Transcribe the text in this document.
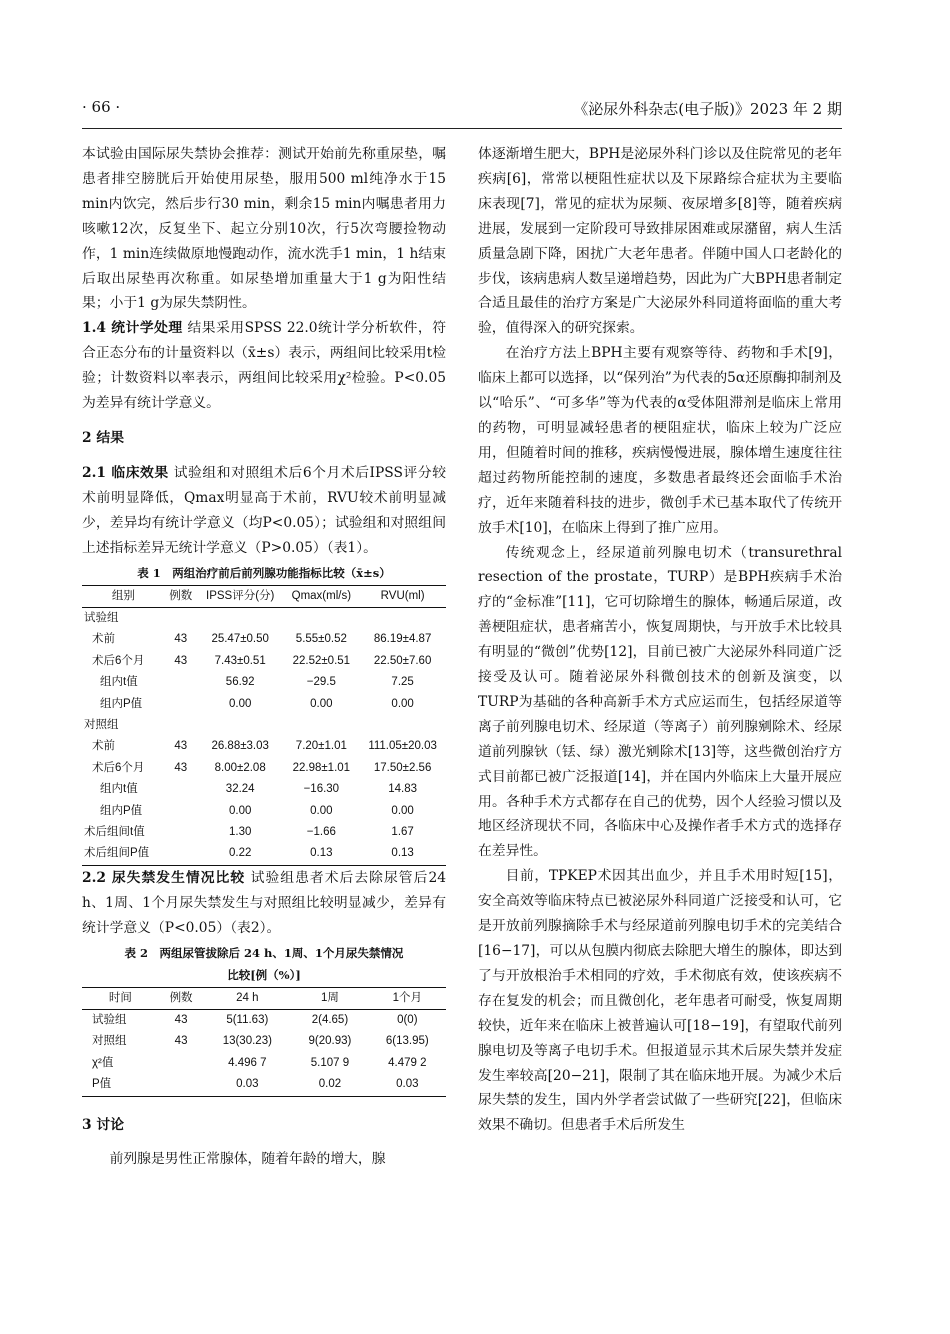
· 66 ·	《泌尿外科杂志(电子版)》2023 年 2 期

本试验由国际尿失禁协会推荐：测试开始前先称重尿垫，嘱患者排空膀胱后开始使用尿垫，服用500 ml纯净水于15 min内饮完，然后步行30 min，剩余15 min内嘱患者用力咳嗽12次，反复坐下、起立分别10次，行5次弯腰捡物动作，1 min连续做原地慢跑动作，流水洗手1 min，1 h结束后取出尿垫再次称重。如尿垫增加重量大于1 g为阳性结果；小于1 g为尿失禁阴性。

1.4 统计学处理 结果采用SPSS 22.0统计学分析软件，符合正态分布的计量资料以（x̄±s）表示，两组间比较采用t检验；计数资料以率表示，两组间比较采用χ²检验。P<0.05为差异有统计学意义。

2 结果

2.1 临床效果 试验组和对照组术后6个月术后IPSS评分较术前明显降低，Qmax明显高于术前，RVU较术前明显减少，差异均有统计学意义（均P<0.05）；试验组和对照组间上述指标差异无统计学意义（P>0.05）（表1）。

表 1　两组治疗前后前列腺功能指标比较（x̄±s）
组别	例数	IPSS评分(分)	Qmax(ml/s)	RVU(ml)
试验组				
术前	43	25.47±0.50	5.55±0.52	86.19±4.87
术后6个月	43	7.43±0.51	22.52±0.51	22.50±7.60
组内t值		56.92	−29.5	7.25
组内P值		0.00	0.00	0.00
对照组				
术前	43	26.88±3.03	7.20±1.01	111.05±20.03
术后6个月	43	8.00±2.08	22.98±1.01	17.50±2.56
组内t值		32.24	−16.30	14.83
组内P值		0.00	0.00	0.00
术后组间t值		1.30	−1.66	1.67
术后组间P值		0.22	0.13	0.13

2.2 尿失禁发生情况比较 试验组患者术后去除尿管后24 h、1周、1个月尿失禁发生与对照组比较明显减少，差异有统计学意义（P<0.05）（表2）。

表 2　两组尿管拔除后 24 h、1周、1个月尿失禁情况
比较[例（%）]
时间	例数	24 h	1周	1个月
试验组	43	5(11.63)	2(4.65)	0(0)
对照组	43	13(30.23)	9(20.93)	6(13.95)
χ²值		4.496 7	5.107 9	4.479 2
P值		0.03	0.02	0.03
3 讨论

前列腺是男性正常腺体，随着年龄的增大，腺

体逐渐增生肥大，BPH是泌尿外科门诊以及住院常见的老年疾病[6]，常常以梗阻性症状以及下尿路综合症状为主要临床表现[7]，常见的症状为尿频、夜尿增多[8]等，随着疾病进展，发展到一定阶段可导致排尿困难或尿潴留，病人生活质量急剧下降，困扰广大老年患者。伴随中国人口老龄化的步伐，该病患病人数呈递增趋势，因此为广大BPH患者制定合适且最佳的治疗方案是广大泌尿外科同道将面临的重大考验，值得深入的研究探索。

在治疗方法上BPH主要有观察等待、药物和手术[9]，临床上都可以选择，以“保列治”为代表的5α还原酶抑制剂及以“哈乐”、“可多华”等为代表的α受体阻滞剂是临床上常用的药物，可明显减轻患者的梗阻症状，临床上较为广泛应用，但随着时间的推移，疾病慢慢进展，腺体增生速度往往超过药物所能控制的速度，多数患者最终还会面临手术治疗，近年来随着科技的进步，微创手术已基本取代了传统开放手术[10]，在临床上得到了推广应用。

传统观念上，经尿道前列腺电切术（transurethral resection of the prostate，TURP）是BPH疾病手术治疗的“金标准”[11]，它可切除增生的腺体，畅通后尿道，改善梗阻症状，患者痛苦小，恢复周期快，与开放手术比较具有明显的“微创”优势[12]，目前已被广大泌尿外科同道广泛接受及认可。随着泌尿外科微创技术的创新及演变，以TURP为基础的各种高新手术方式应运而生，包括经尿道等离子前列腺电切术、经尿道（等离子）前列腺剜除术、经尿道前列腺钬（铥、绿）激光剜除术[13]等，这些微创治疗方式目前都已被广泛报道[14]，并在国内外临床上大量开展应用。各种手术方式都存在自己的优势，因个人经验习惯以及地区经济现状不同，各临床中心及操作者手术方式的选择存在差异性。

目前，TPKEP术因其出血少，并且手术用时短[15]，安全高效等临床特点已被泌尿外科同道广泛接受和认可，它是开放前列腺摘除手术与经尿道前列腺电切手术的完美结合[16−17]，可以从包膜内彻底去除肥大增生的腺体，即达到了与开放根治手术相同的疗效，手术彻底有效，使该疾病不存在复发的机会；而且微创化，老年患者可耐受，恢复周期较快，近年来在临床上被普遍认可[18−19]，有望取代前列腺电切及等离子电切手术。但报道显示其术后尿失禁并发症发生率较高[20−21]，限制了其在临床地开展。为减少术后尿失禁的发生，国内外学者尝试做了一些研究[22]，但临床效果不确切。但患者手术后所发生
